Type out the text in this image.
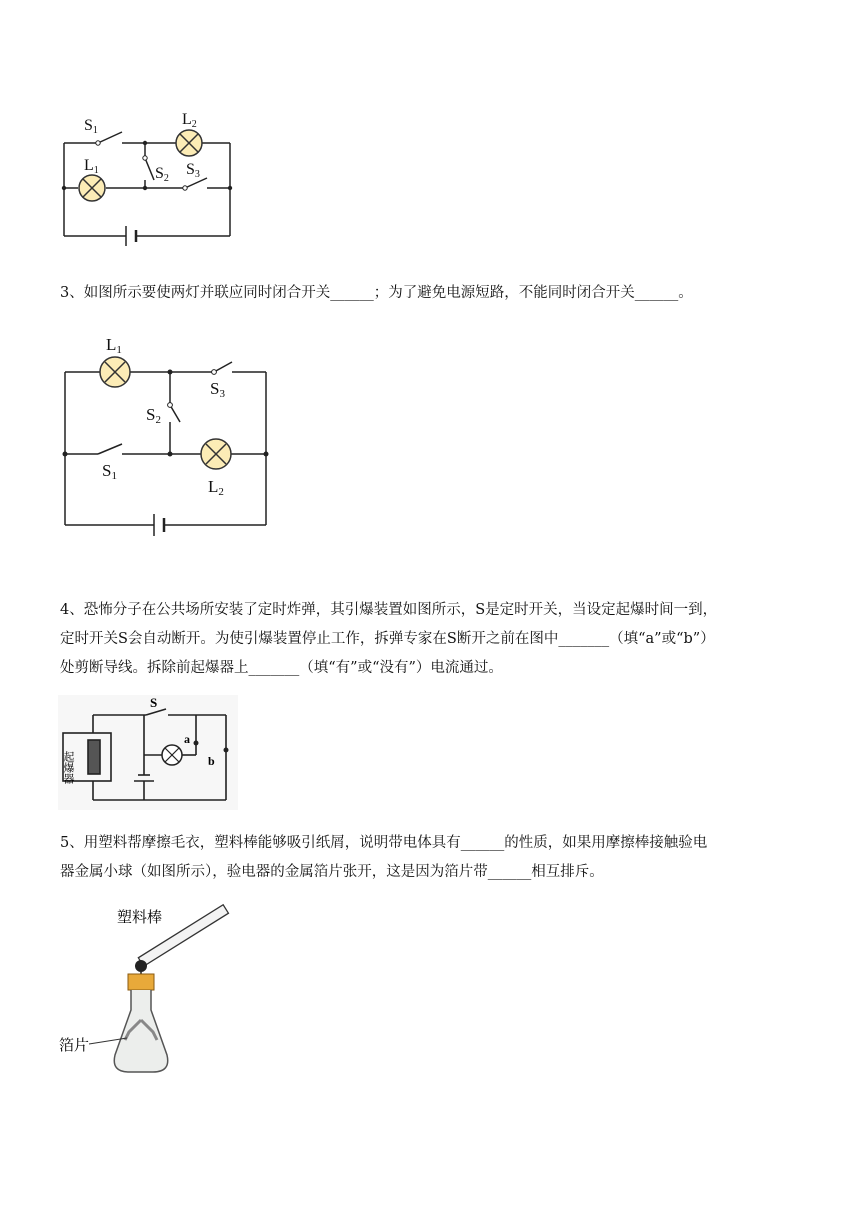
S1
L2
L1	S2
S3
3、如图所示要使两灯并联应同时闭合开关______；为了避免电源短路，不能同时闭合开关______。
L1
S3
S2
S1
L2
4、恐怖分子在公共场所安装了定时炸弹，其引爆装置如图所示，S是定时开关，当设定起爆时间一到，
定时开关S会自动断开。为使引爆装置停止工作，拆弹专家在S断开之前在图中_______（填“a”或“b”）
处剪断导线。拆除前起爆器上_______（填“有”或“没有”）电流通过。
S
a
b
起爆器
5、用塑料帮摩擦毛衣，塑料棒能够吸引纸屑，说明带电体具有______的性质，如果用摩擦棒接触验电
器金属小球（如图所示），验电器的金属箔片张开，这是因为箔片带______相互排斥。
塑料棒
箔片
